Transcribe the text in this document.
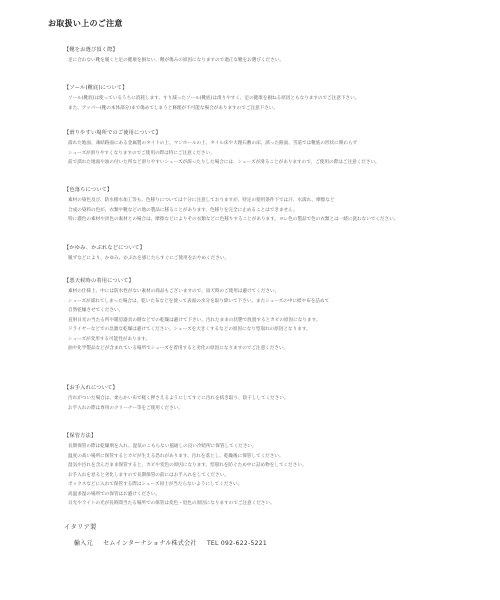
お取扱い上のご注意
【靴をお選び頂く際】
足に合わない靴を履くと足の健康を損ない、靴が傷みの原因になりますので適正な靴をお選びください。
【ソール(靴底)について】
ソール(靴底)は使っているうちに消耗します。すり減ったソール(靴底)は滑りやすく、足の健康を損ねる原因ともなりますのでご注意下さい。
また、アッパー(靴の本体部分)まで傷めてしまうと修理が不可能な場合がありますのでご注意下さい。
【滑りやすい場所でのご使用について】
濡れた地面、凍結路面にある金属製のタイトの上、マンホールの上、タイル床や大理石敷の床、濡った路面、雪道では靴底の形状に関わらず
シューズが滑りやすくなりますのでご使用の際は特にご注意ください。
前で濡れた地面や油の付いた所など滑りやすいシューズが濡ったりした場合には、シューズが滑ることがありますので、ご使用の際はご注意ください。
【色落ちについて】
素材の染色及び、防水撥水加工等も、色移りについては十分に注意しておりますが、特定の使用条件下では汗、水濡れ、摩擦など
合成の染料の色が、衣類や靴などの他の製品に移ることがあります。色移りを完全に止めることはできません。
特に濃色の素材や淡色の素材との場合は、摩擦などによりその衣類などに色移りすることがあります。ヨレ色の製品で色の衣類とは一緒に洗わないでください。
【かゆみ、かぶれなどについて】
履ずなどにより、かゆみ、かぶれを感じたらすぐにご使用をおやめください。
【悪天候時の着用について】
素材の仕様上、中には防水性がない素材の商品もございますので、雨天時のご使用は避けてください。
シューズが濡れてしまった場合は、乾いた布などを使って表面の水分を取り除いて下さい。またシューズの中に紙や布を詰めて
自然乾燥させてください。
直射日光の当たる所や暖房器具の側などでの乾燥は避けて下さい。汚れたままの状態で放置するとカビの原因になります。
ドライヤーなどでの急激な乾燥は避けてください。シューズを大きくするなどの原因になり型崩れの原因となります。
シューズが変形する可能性があります。
油や化学製品などが含まれている場所でシューズを着用すると劣化の原因になりますのでご注意ください。
【お手入れについて】
汚れがついた場合は、柔らかい布で軽く押さえるようにしてすぐに汚れを拭き取り、陰干ししてください。
お手入れの際は専用のクリーナー等をご使用ください。
【保管方法】
長期保管の際は乾燥剤を入れ、湿気のこもらない風通しの良い冷暗所に保管してください。
温度の高い場所に保管するとカビが生える恐れがあります。汚れを落とし、乾燥後に保管してください。
湿気や汚れを含んだまま保管すると、カビや変色の原因になります。型崩れを防ぐため中に詰め物をしてください。
お手入れを怠ると劣化しますので長期保管の前にはお手入れをしてください。
ボックスなどに入れて保管する際はシューズ同士が当たらないようにしてください。
高温多湿の場所での保管はお避けください。
日光やライトの光が長時間当たる場所での保管は変色・退色の原因になりますのでご注意ください。
イタリア製
輸入元 セムインターナショナル株式会社 TEL 092-622-5221
